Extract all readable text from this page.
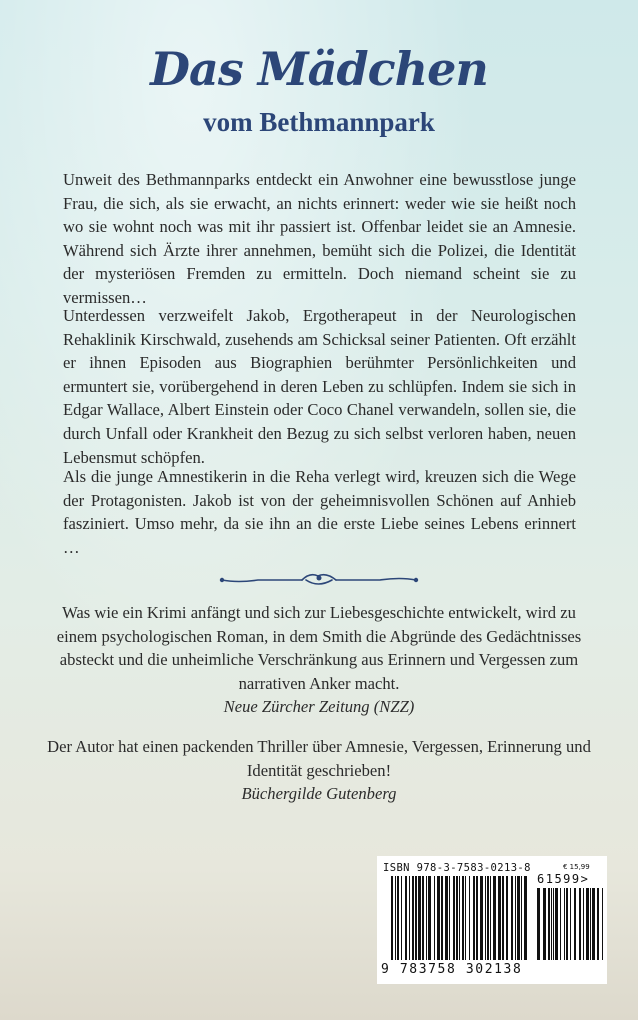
Das Mädchen
vom Bethmannpark
Unweit des Bethmannparks entdeckt ein Anwohner eine bewusstlose junge Frau, die sich, als sie erwacht, an nichts erinnert: weder wie sie heißt noch wo sie wohnt noch was mit ihr passiert ist. Offenbar leidet sie an Amnesie. Während sich Ärzte ihrer annehmen, bemüht sich die Polizei, die Identität der mysteriösen Fremden zu ermitteln. Doch niemand scheint sie zu vermissen…
Unterdessen verzweifelt Jakob, Ergotherapeut in der Neurologischen Rehaklinik Kirschwald, zusehends am Schicksal seiner Patienten. Oft erzählt er ihnen Episoden aus Biographien berühmter Persönlichkeiten und ermuntert sie, vorübergehend in deren Leben zu schlüpfen. Indem sie sich in Edgar Wallace, Albert Einstein oder Coco Chanel verwandeln, sollen sie, die durch Unfall oder Krankheit den Bezug zu sich selbst verloren haben, neuen Lebensmut schöpfen.
Als die junge Amnestikerin in die Reha verlegt wird, kreuzen sich die Wege der Protagonisten. Jakob ist von der geheimnisvollen Schönen auf Anhieb fasziniert. Umso mehr, da sie ihn an die erste Liebe seines Lebens erinnert …
Was wie ein Krimi anfängt und sich zur Liebesgeschichte entwickelt, wird zu einem psychologischen Roman, in dem Smith die Abgründe des Gedächtnisses absteckt und die unheimliche Verschränkung aus Erinnern und Vergessen zum narrativen Anker macht.
Neue Zürcher Zeitung (NZZ)
Der Autor hat einen packenden Thriller über Amnesie, Vergessen, Erinnerung und Identität geschrieben!
Büchergilde Gutenberg
ISBN 978-3-7583-0213-8	€ 15,99
61599>
9 783758 302138
